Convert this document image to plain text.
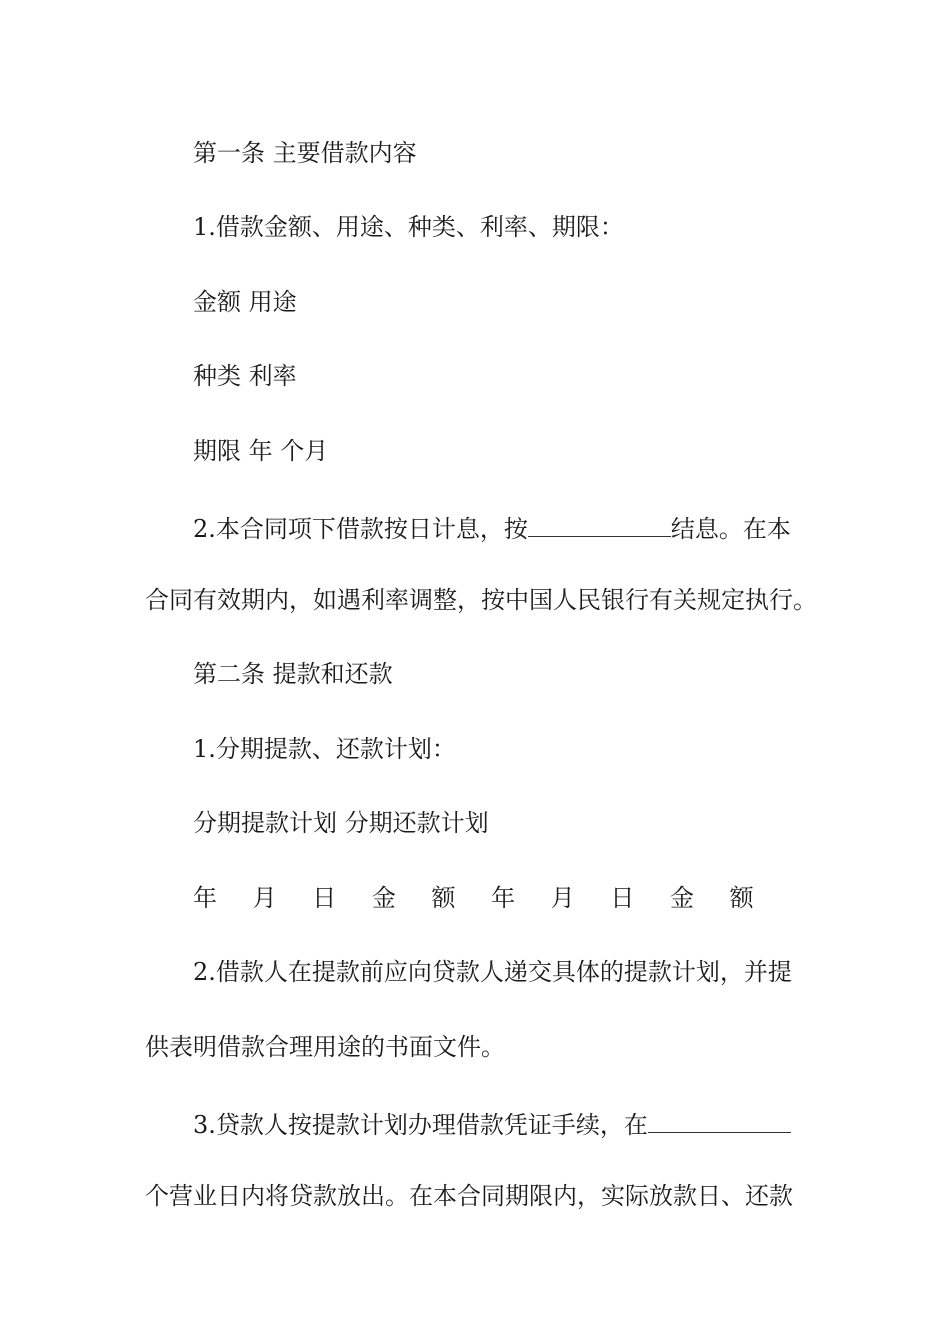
第一条 主要借款内容

1.借款金额、用途、种类、利率、期限：

金额 用途

种类 利率

期限 年 个月

2.本合同项下借款按日计息，按	结息。在本

合同有效期内，如遇利率调整，按中国人民银行有关规定执行。

第二条 提款和还款

1.分期提款、还款计划：

分期提款计划 分期还款计划

年 月 日 金 额 年 月 日 金 额

2.借款人在提款前应向贷款人递交具体的提款计划，并提

供表明借款合理用途的书面文件。

3.贷款人按提款计划办理借款凭证手续，在

个营业日内将贷款放出。在本合同期限内，实际放款日、还款
